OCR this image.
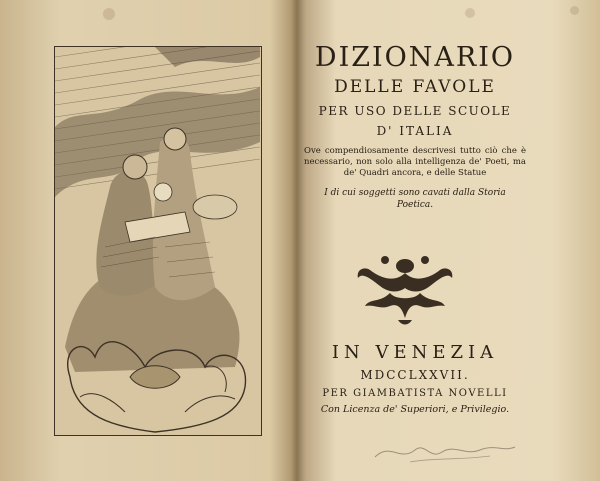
DIZIONARIO
DELLE FAVOLE
PER USO DELLE SCUOLE
D' ITALIA
Ove compendiosamente descrivesi tutto ciò che è necessario, non solo alla intelligenza de' Poeti, ma de' Quadri ancora, e delle Statue
I di cui soggetti sono cavati dalla Storia Poetica.
IN VENEZIA
MDCCLXXVII.
PER GIAMBATISTA NOVELLI
Con Licenza de' Superiori, e Privilegio.
